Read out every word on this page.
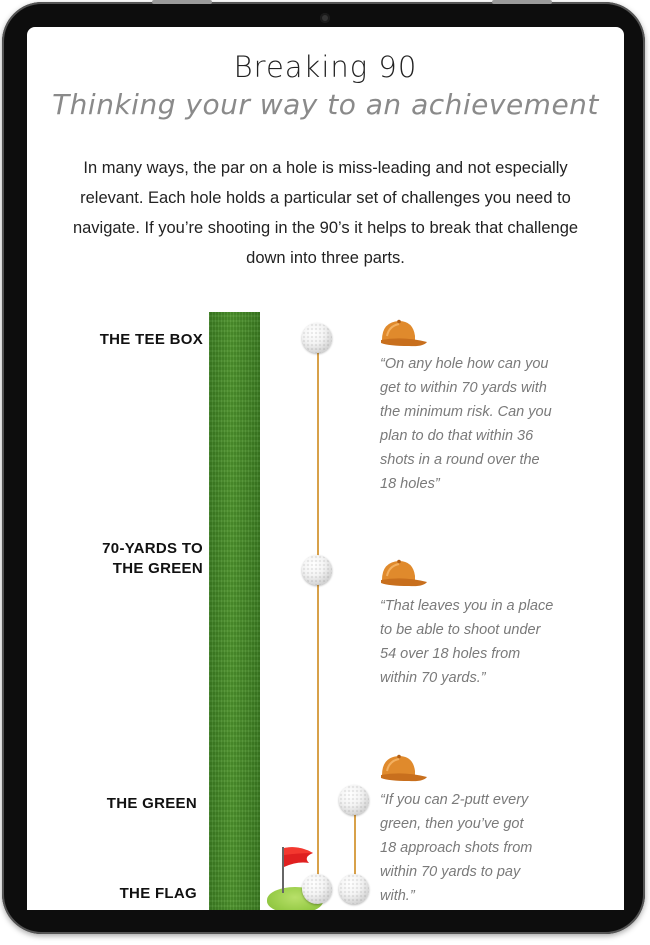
Breaking 90
Thinking your way to an achievement
In many ways, the par on a hole is miss-leading and not especially
relevant. Each hole holds a particular set of challenges you need to
navigate. If you’re shooting in the 90’s it helps to break that challenge
down into three parts.
THE TEE BOX
70-YARDS TO
THE GREEN
THE GREEN
THE FLAG
“On any hole how can you
get to within 70 yards with
the minimum risk. Can you
plan to do that within 36
shots in a round over the
18 holes”
“That leaves you in a place
to be able to shoot under
54 over 18 holes from
within 70 yards.”
“If you can 2-putt every
green, then you’ve got
18 approach shots from
within 70 yards to pay
with.”
